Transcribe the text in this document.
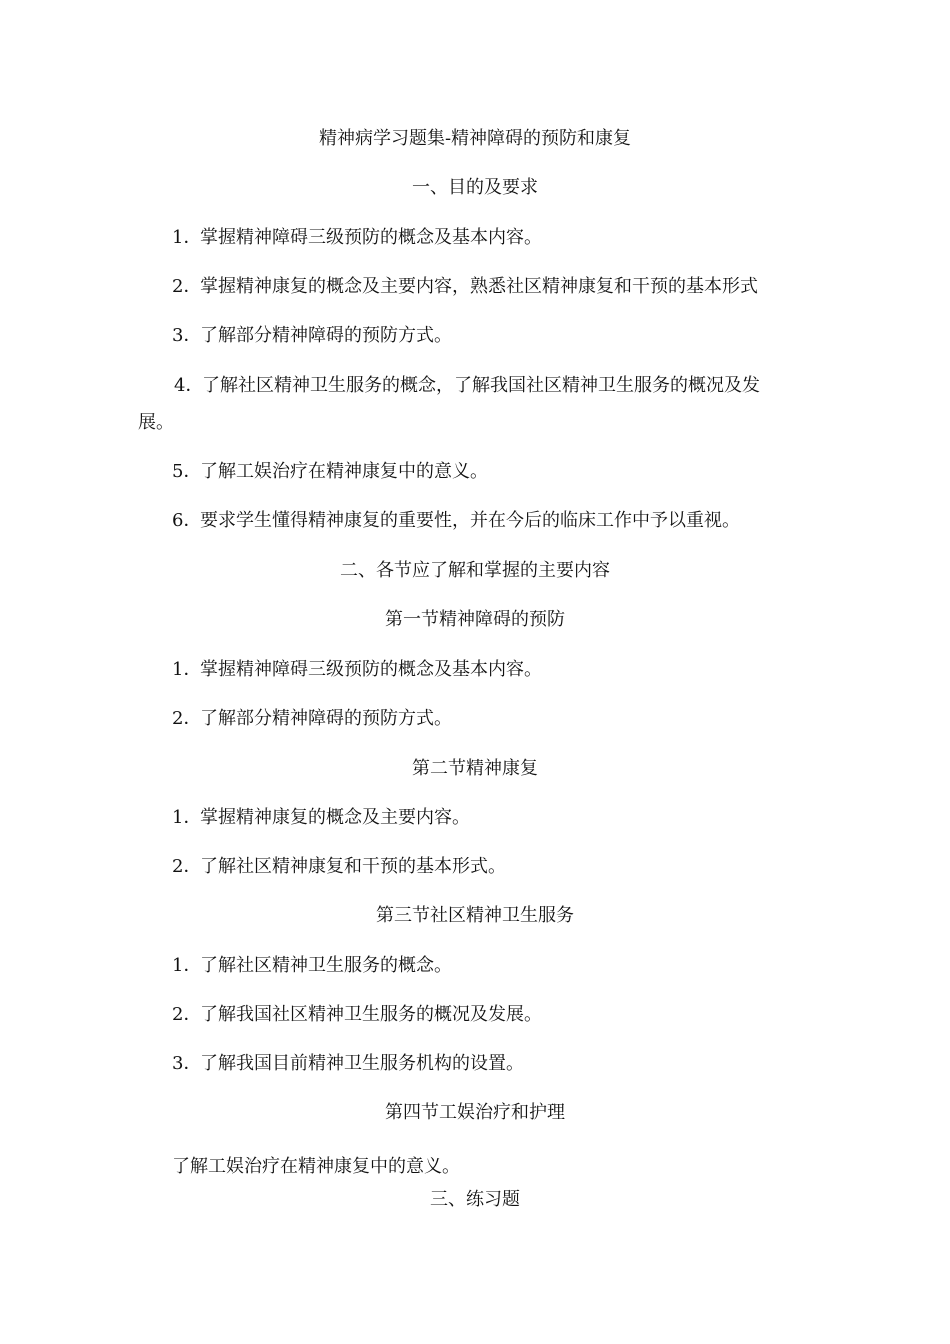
精神病学习题集-精神障碍的预防和康复
一、目的及要求
1．掌握精神障碍三级预防的概念及基本内容。
2．掌握精神康复的概念及主要内容，熟悉社区精神康复和干预的基本形式
3．了解部分精神障碍的预防方式。
4．了解社区精神卫生服务的概念，了解我国社区精神卫生服务的概况及发
展。
5．了解工娱治疗在精神康复中的意义。
6．要求学生懂得精神康复的重要性，并在今后的临床工作中予以重视。
二、各节应了解和掌握的主要内容
第一节精神障碍的预防
1．掌握精神障碍三级预防的概念及基本内容。
2．了解部分精神障碍的预防方式。
第二节精神康复
1．掌握精神康复的概念及主要内容。
2．了解社区精神康复和干预的基本形式。
第三节社区精神卫生服务
1．了解社区精神卫生服务的概念。
2．了解我国社区精神卫生服务的概况及发展。
3．了解我国目前精神卫生服务机构的设置。
第四节工娱治疗和护理
了解工娱治疗在精神康复中的意义。
三、练习题
